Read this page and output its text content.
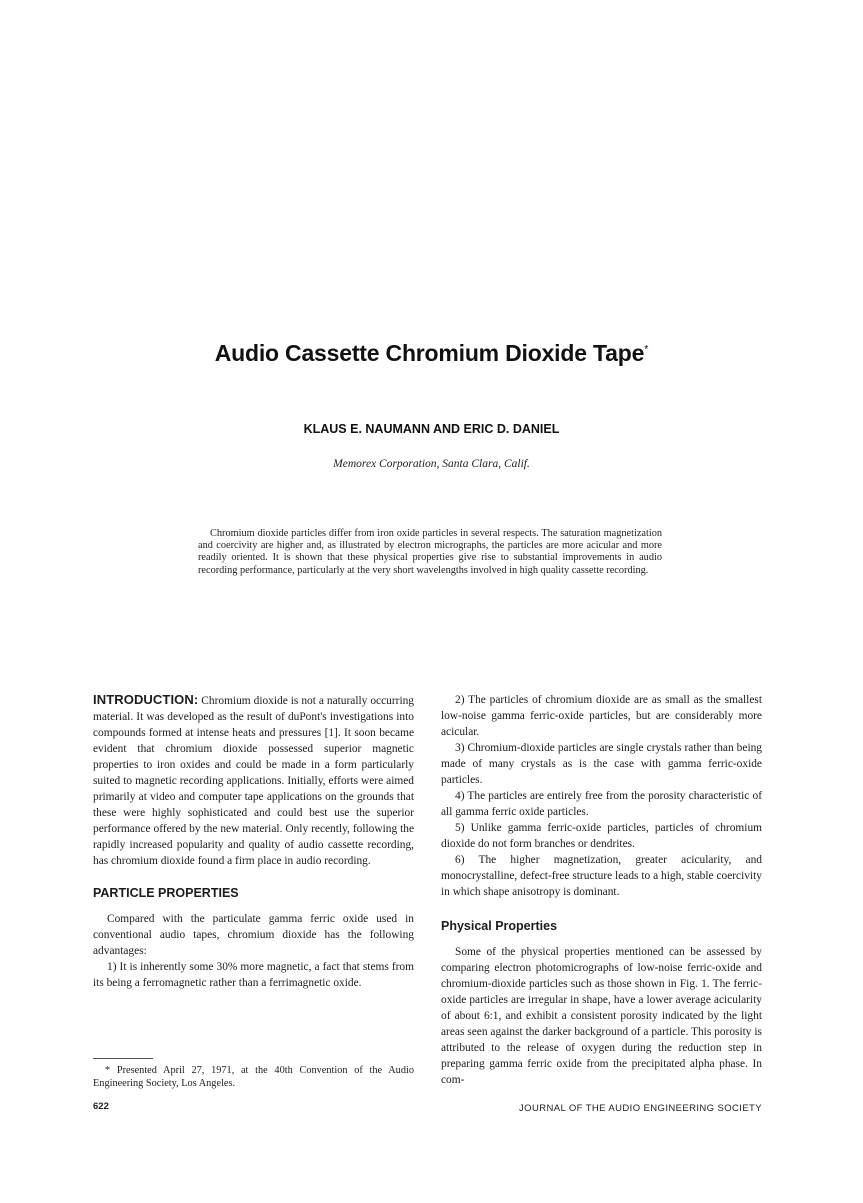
Audio Cassette Chromium Dioxide Tape*
KLAUS E. NAUMANN AND ERIC D. DANIEL
Memorex Corporation, Santa Clara, Calif.
Chromium dioxide particles differ from iron oxide particles in several respects. The saturation magnetization and coercivity are higher and, as illustrated by electron micrographs, the particles are more acicular and more readily oriented. It is shown that these physical properties give rise to substantial improvements in audio recording performance, particularly at the very short wavelengths involved in high quality cassette recording.

INTRODUCTION: Chromium dioxide is not a naturally occurring material. It was developed as the result of duPont's investigations into compounds formed at intense heats and pressures [1]. It soon became evident that chromium dioxide possessed superior magnetic properties to iron oxides and could be made in a form particularly suited to magnetic recording applications. Initially, efforts were aimed primarily at video and computer tape applications on the grounds that these were highly sophisticated and could best use the superior performance offered by the new material. Only recently, following the rapidly increased popularity and quality of audio cassette recording, has chromium dioxide found a firm place in audio recording.

PARTICLE PROPERTIES

Compared with the particulate gamma ferric oxide used in conventional audio tapes, chromium dioxide has the following advantages:

1) It is inherently some 30% more magnetic, a fact that stems from its being a ferromagnetic rather than a ferrimagnetic oxide.

2) The particles of chromium dioxide are as small as the smallest low-noise gamma ferric-oxide particles, but are considerably more acicular.

3) Chromium-dioxide particles are single crystals rather than being made of many crystals as is the case with gamma ferric-oxide particles.

4) The particles are entirely free from the porosity characteristic of all gamma ferric oxide particles.

5) Unlike gamma ferric-oxide particles, particles of chromium dioxide do not form branches or dendrites.

6) The higher magnetization, greater acicularity, and monocrystalline, defect-free structure leads to a high, stable coercivity in which shape anisotropy is dominant.

Physical Properties

Some of the physical properties mentioned can be assessed by comparing electron photomicrographs of low-noise ferric-oxide and chromium-dioxide particles such as those shown in Fig. 1. The ferric-oxide particles are irregular in shape, have a lower average acicularity of about 6:1, and exhibit a consistent porosity indicated by the light areas seen against the darker background of a particle. This porosity is attributed to the release of oxygen during the reduction step in preparing gamma ferric oxide from the precipitated alpha phase. In com-

* Presented April 27, 1971, at the 40th Convention of the Audio Engineering Society, Los Angeles.
622	JOURNAL OF THE AUDIO ENGINEERING SOCIETY
